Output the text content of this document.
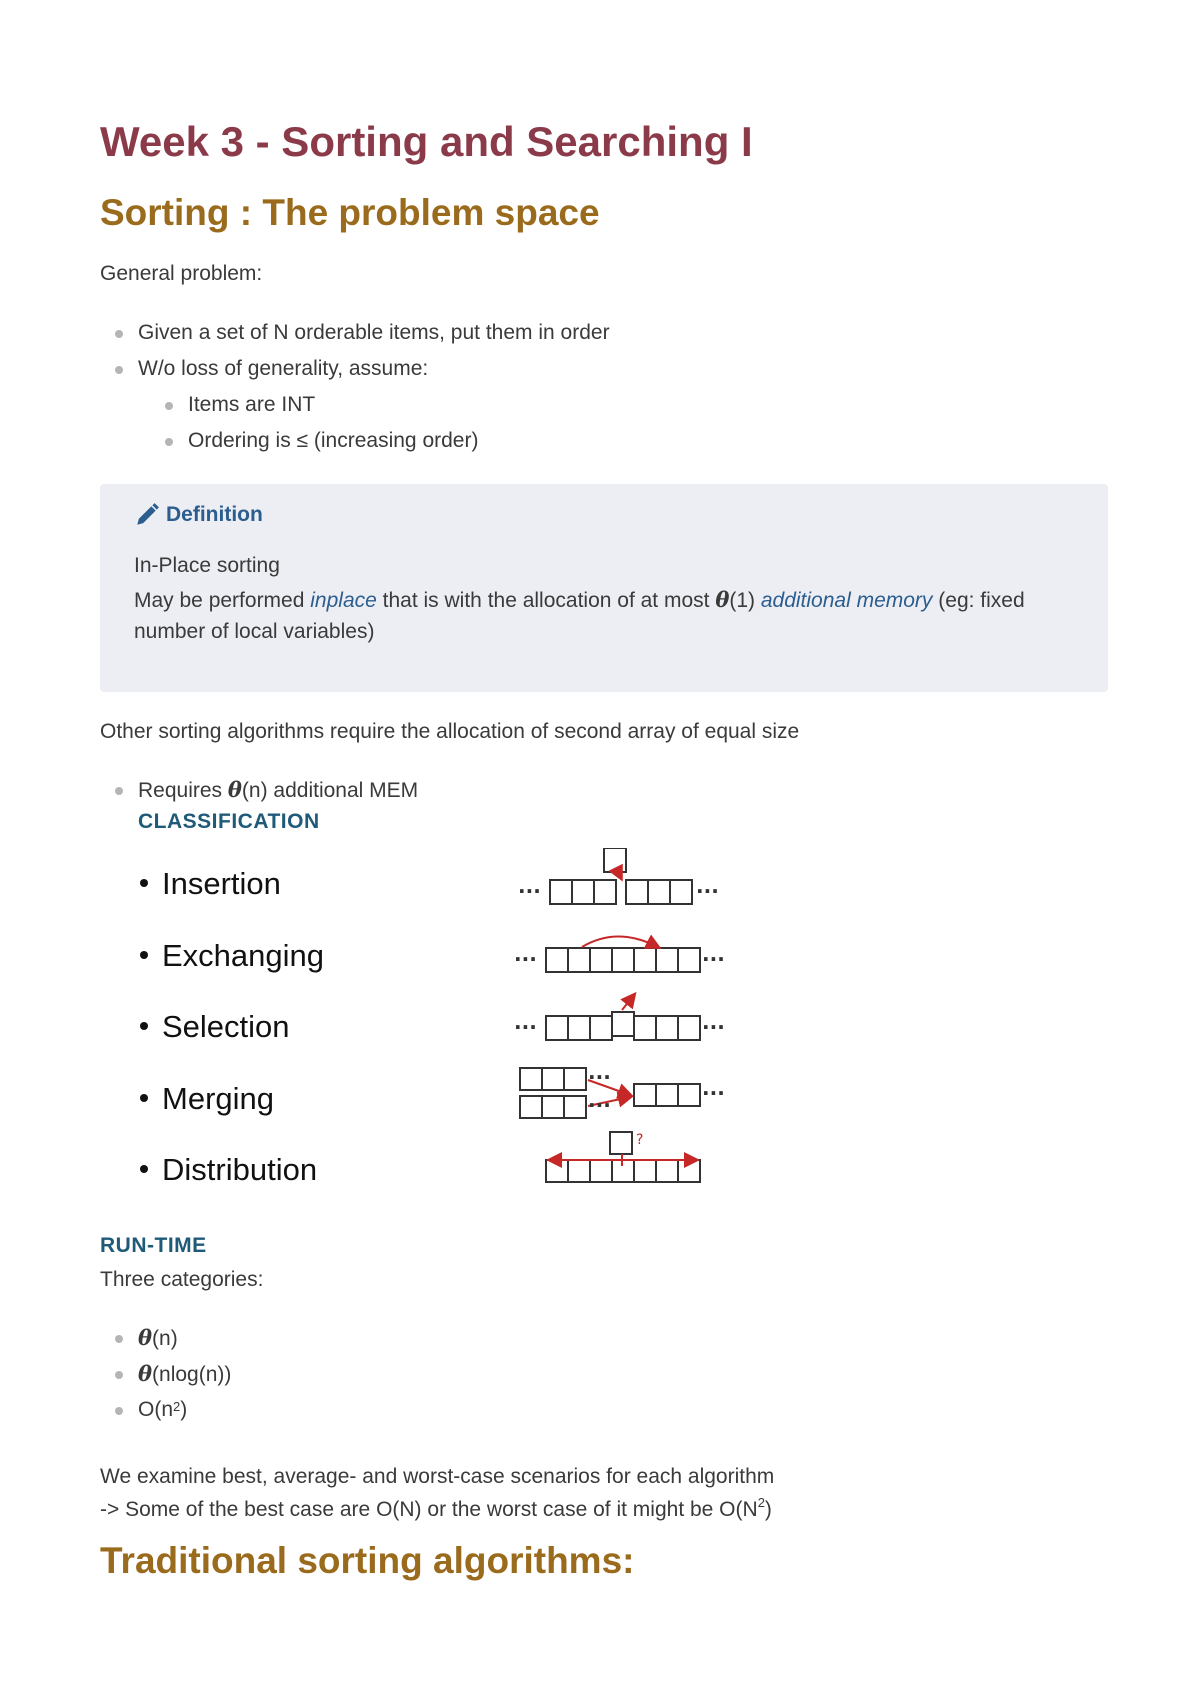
Week 3 - Sorting and Searching I
Sorting : The problem space
General problem:
Given a set of N orderable items, put them in order
W/o loss of generality, assume:
Items are INT
Ordering is ≤ (increasing order)
Definition
In-Place sorting
May be performed inplace that is with the allocation of at most θ(1) additional memory (eg: fixed
number of local variables)
Other sorting algorithms require the allocation of second array of equal size
Requires θ(n) additional MEM
CLASSIFICATION
Insertion
Exchanging
Selection
Merging
Distribution
···	···
···	···
···	···
···
···	···
?
RUN-TIME
Three categories:
θ(n)
θ(nlog(n))
$O(n^2)$
We examine best, average- and worst-case scenarios for each algorithm
-> Some of the best case are O(N) or the worst case of it might be $O(N^2)$
Traditional sorting algorithms:
